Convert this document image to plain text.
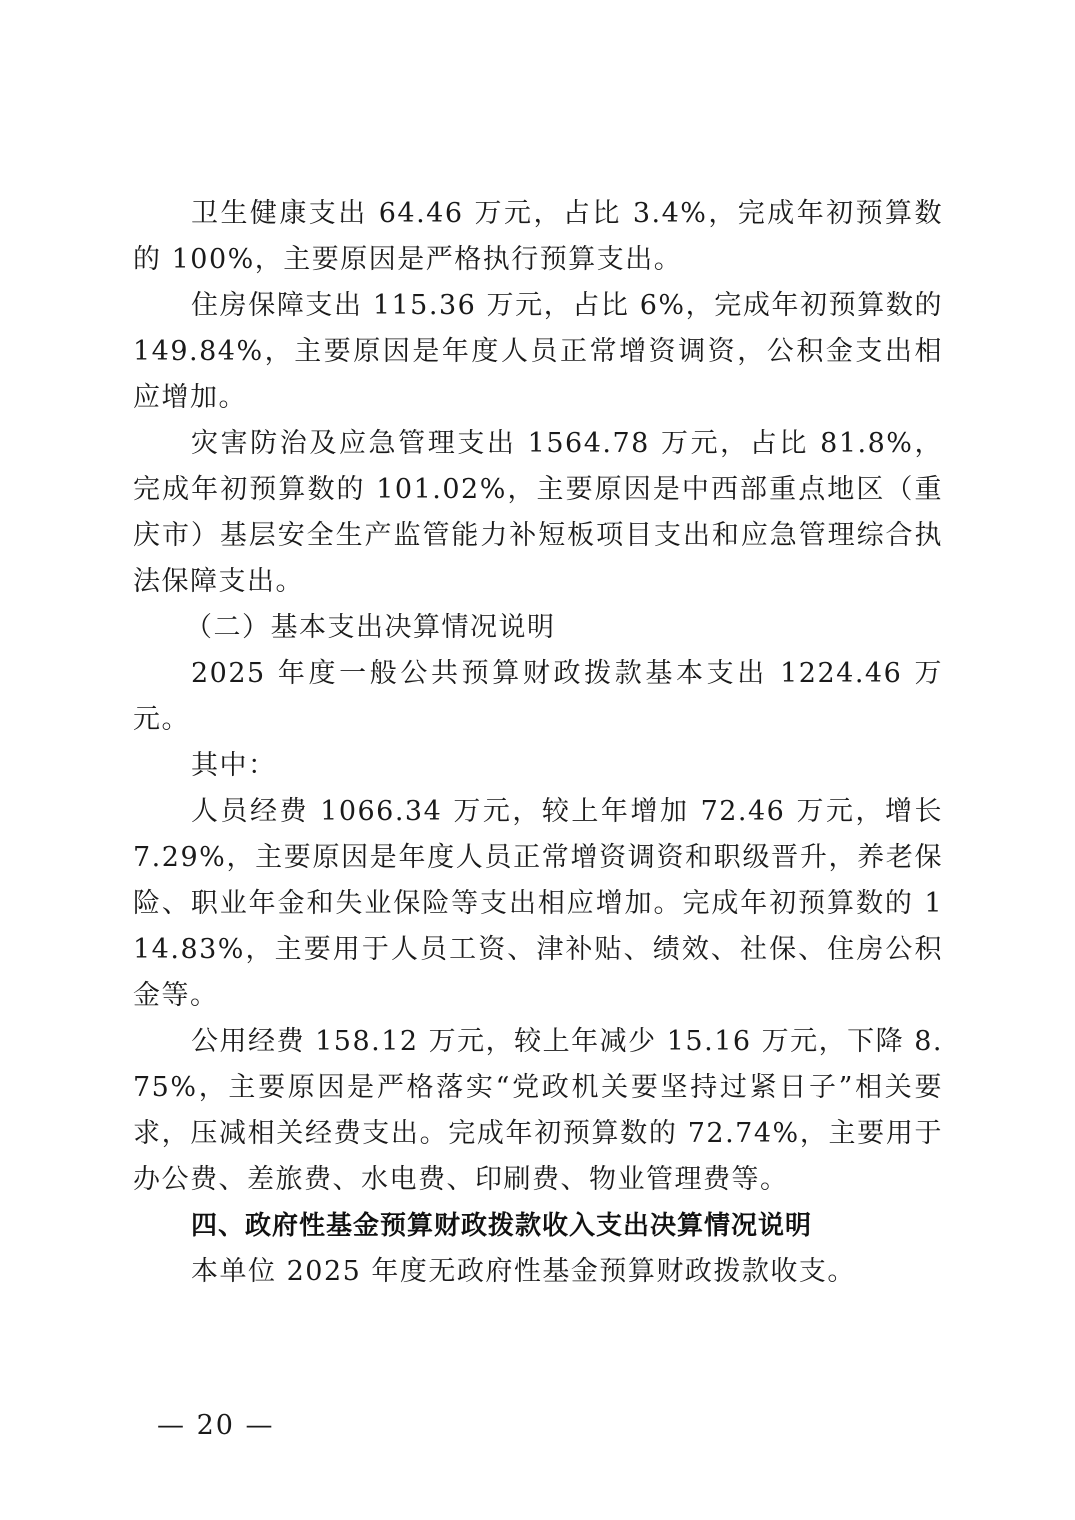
卫生健康支出 64.46 万元，占比 3.4%，完成年初预算数的 100%，主要原因是严格执行预算支出。

住房保障支出 115.36 万元，占比 6%，完成年初预算数的 149.84%，主要原因是年度人员正常增资调资，公积金支出相应增加。

灾害防治及应急管理支出 1564.78 万元，占比 81.8%，完成年初预算数的 101.02%，主要原因是中西部重点地区（重庆市）基层安全生产监管能力补短板项目支出和应急管理综合执法保障支出。

（二）基本支出决算情况说明

2025 年度一般公共预算财政拨款基本支出 1224.46 万元。

其中：

人员经费 1066.34 万元，较上年增加 72.46 万元，增长 7.29%，主要原因是年度人员正常增资调资和职级晋升，养老保险、职业年金和失业保险等支出相应增加。完成年初预算数的 114.83%，主要用于人员工资、津补贴、绩效、社保、住房公积金等。

公用经费 158.12 万元，较上年减少 15.16 万元，下降 8.75%，主要原因是严格落实“党政机关要坚持过紧日子”相关要求，压减相关经费支出。完成年初预算数的 72.74%，主要用于办公费、差旅费、水电费、印刷费、物业管理费等。

四、政府性基金预算财政拨款收入支出决算情况说明

本单位 2025 年度无政府性基金预算财政拨款收支。

— 20 —
